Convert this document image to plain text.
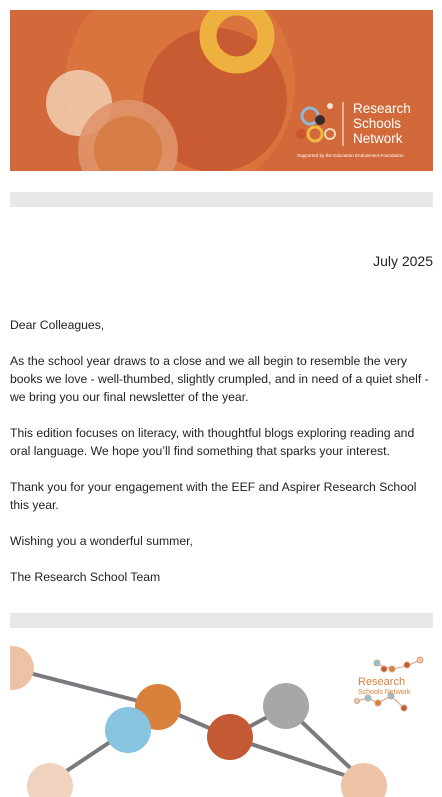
Research
Schools
Network
Supported by the Education Endowment Foundation
July 2025

Dear Colleagues,

As the school year draws to a close and we all begin to resemble the very books we love - well-thumbed, slightly crumpled, and in need of a quiet shelf - we bring you our final newsletter of the year.

This edition focuses on literacy, with thoughtful blogs exploring reading and oral language. We hope you’ll find something that sparks your interest.

Thank you for your engagement with the EEF and Aspirer Research School this year.

Wishing you a wonderful summer,

The Research School Team

Research
Schools Network
